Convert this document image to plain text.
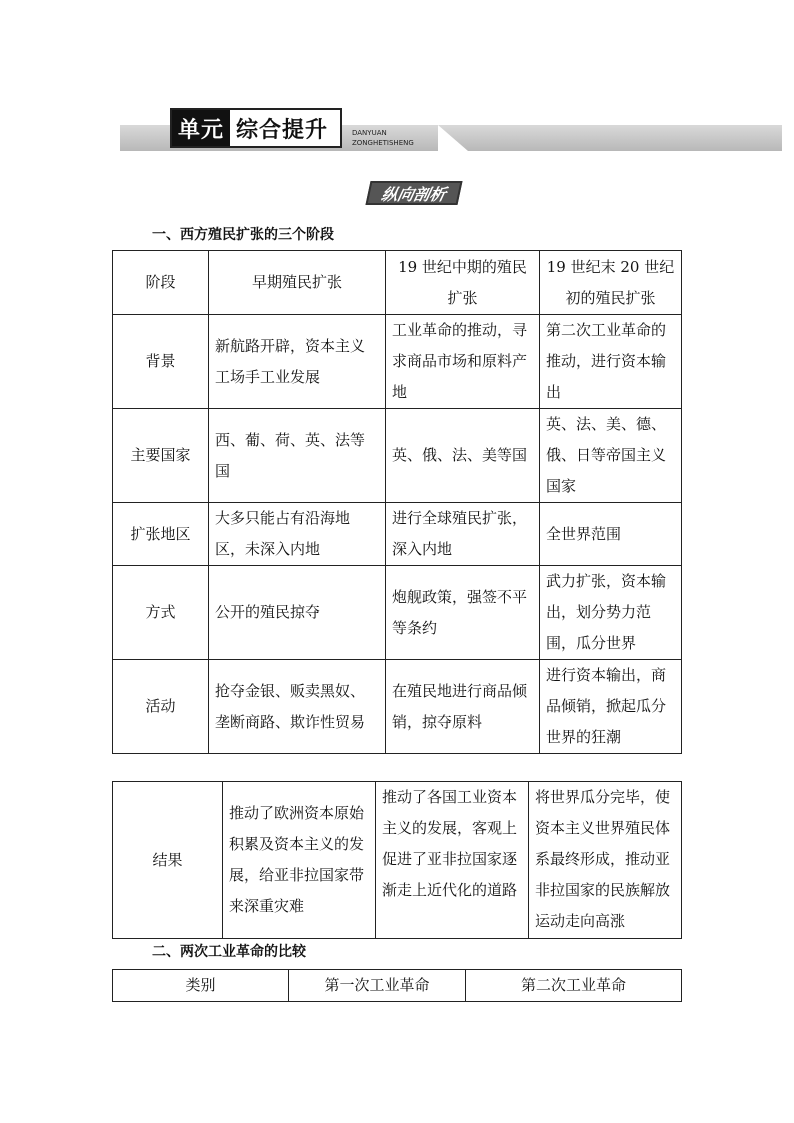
单元 综合提升	DANYUAN
ZONGHETISHENG
纵向剖析
一、西方殖民扩张的三个阶段
阶段	早期殖民扩张	19 世纪中期的殖民扩张	19 世纪末 20 世纪初的殖民扩张
背景	新航路开辟，资本主义工场手工业发展	工业革命的推动，寻求商品市场和原料产地	第二次工业革命的推动，进行资本输出
主要国家	西、葡、荷、英、法等国	英、俄、法、美等国	英、法、美、德、俄、日等帝国主义国家
扩张地区	大多只能占有沿海地区，未深入内地	进行全球殖民扩张，深入内地	全世界范围
方式	公开的殖民掠夺	炮舰政策，强签不平等条约	武力扩张，资本输出，划分势力范围，瓜分世界
活动	抢夺金银、贩卖黑奴、垄断商路、欺诈性贸易	在殖民地进行商品倾销，掠夺原料	进行资本输出，商品倾销，掀起瓜分世界的狂潮
结果	推动了欧洲资本原始积累及资本主义的发展，给亚非拉国家带来深重灾难	推动了各国工业资本主义的发展，客观上促进了亚非拉国家逐渐走上近代化的道路	将世界瓜分完毕，使资本主义世界殖民体系最终形成，推动亚非拉国家的民族解放运动走向高涨
二、两次工业革命的比较
类别	第一次工业革命	第二次工业革命
